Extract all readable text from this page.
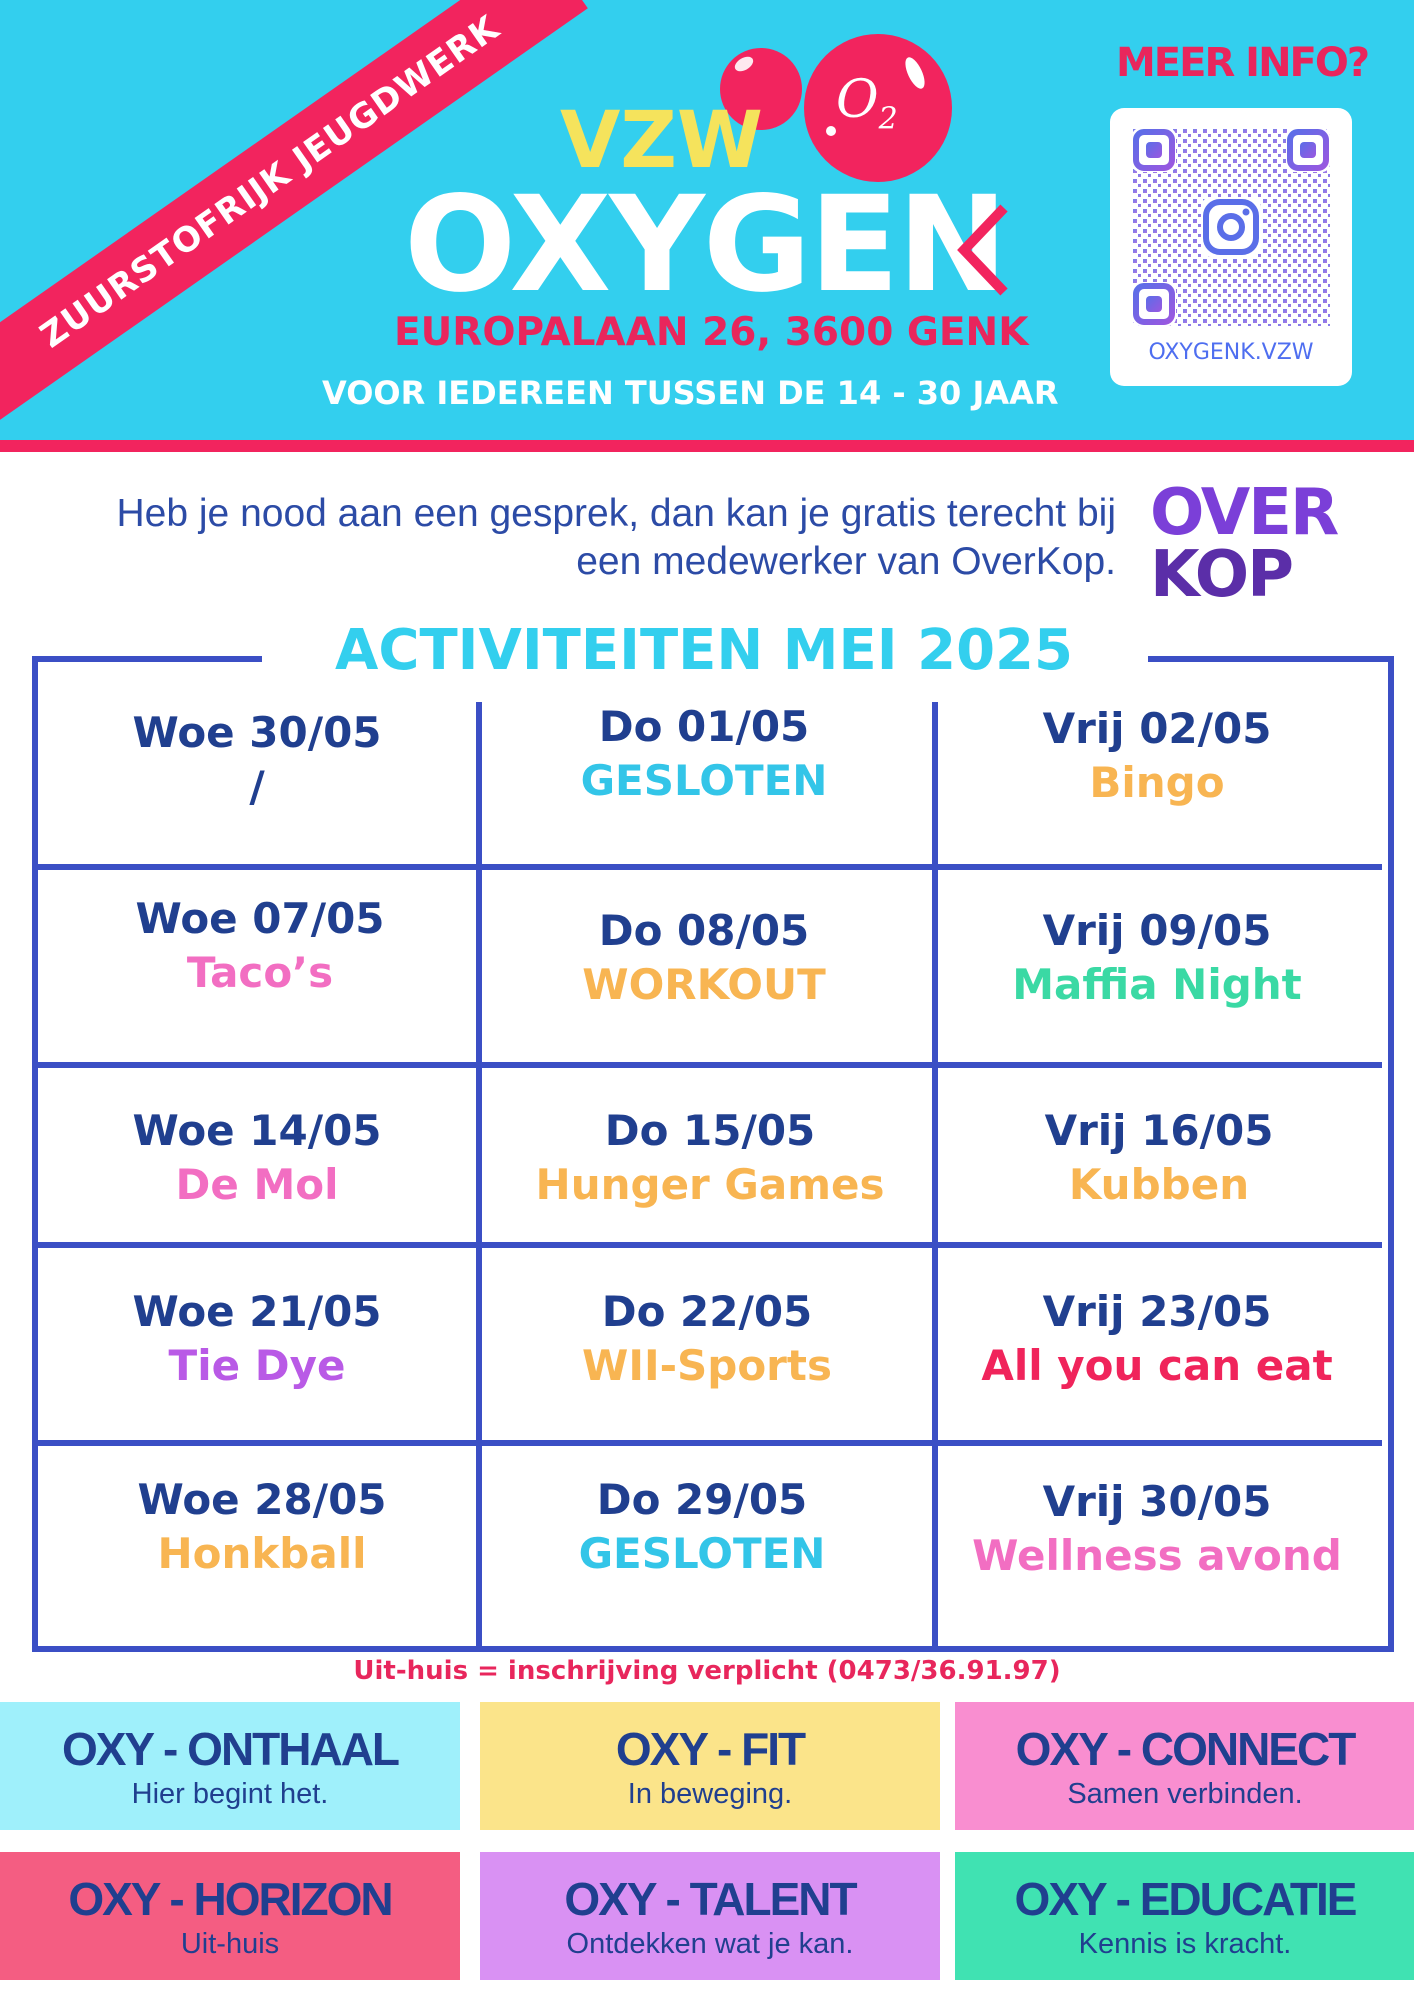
ZUURSTOFRIJK JEUGDWERK	$O_2$
VZW
OXYGEN
EUROPALAAN 26, 3600 GENK
VOOR IEDEREEN TUSSEN DE 14 - 30 JAAR
MEER INFO?
OXYGENK.VZW
Heb je nood aan een gesprek, dan kan je gratis terecht bij
een medewerker van OverKop.
OVER
KOP
ACTIVITEITEN MEI 2025
Woe 30/05
/
Do 01/05
GESLOTEN
Vrij 02/05
Bingo
Woe 07/05
Taco’s
Do 08/05
WORKOUT
Vrij 09/05
Maffia Night
Woe 14/05
De Mol
Do 15/05
Hunger Games
Vrij 16/05
Kubben
Woe 21/05
Tie Dye
Do 22/05
WII-Sports
Vrij 23/05
All you can eat
Woe 28/05
Honkball
Do 29/05
GESLOTEN
Vrij 30/05
Wellness avond
Uit-huis = inschrijving verplicht (0473/36.91.97)
OXY - ONTHAAL
Hier begint het.
OXY - FIT
In beweging.
OXY - CONNECT
Samen verbinden.
OXY - HORIZON
Uit-huis
OXY - TALENT
Ontdekken wat je kan.
OXY - EDUCATIE
Kennis is kracht.
